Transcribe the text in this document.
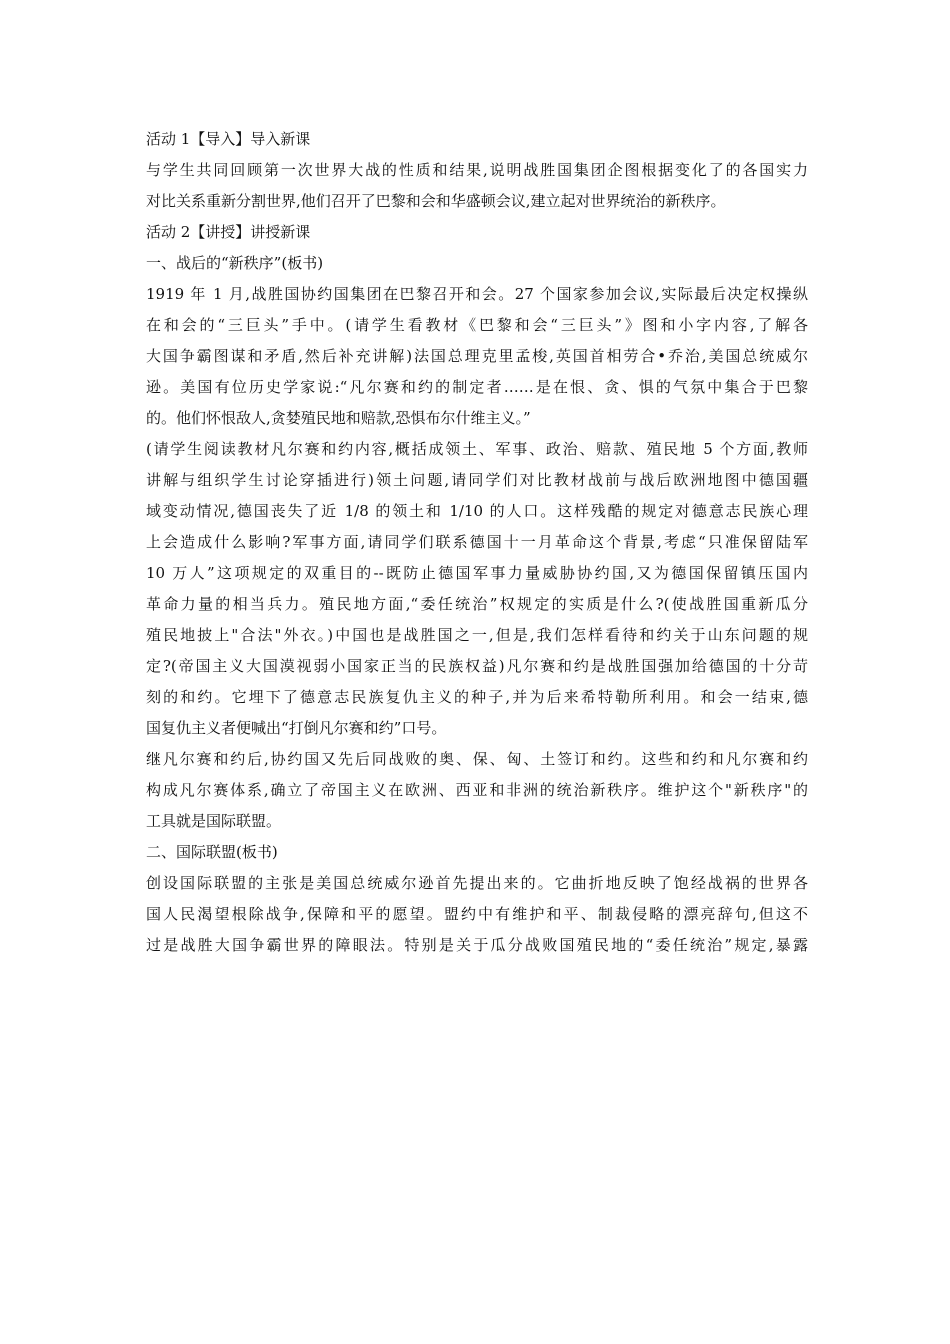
活动 1【导入】导入新课
与学生共同回顾第一次世界大战的性质和结果,说明战胜国集团企图根据变化了的各国实力
对比关系重新分割世界,他们召开了巴黎和会和华盛顿会议,建立起对世界统治的新秩序。
活动 2【讲授】讲授新课
一、战后的“新秩序”(板书)
1919 年 1 月,战胜国协约国集团在巴黎召开和会。27 个国家参加会议,实际最后决定权操纵
在和会的“三巨头”手中。(请学生看教材《巴黎和会“三巨头”》图和小字内容,了解各
大国争霸图谋和矛盾,然后补充讲解)法国总理克里孟梭,英国首相劳合•乔治,美国总统威尔
逊。美国有位历史学家说:“凡尔赛和约的制定者……是在恨、贪、惧的气氛中集合于巴黎
的。他们怀恨敌人,贪婪殖民地和赔款,恐惧布尔什维主义。”
(请学生阅读教材凡尔赛和约内容,概括成领土、军事、政治、赔款、殖民地 5 个方面,教师
讲解与组织学生讨论穿插进行)领土问题,请同学们对比教材战前与战后欧洲地图中德国疆
域变动情况,德国丧失了近 1/8 的领土和 1/10 的人口。这样残酷的规定对德意志民族心理
上会造成什么影响?军事方面,请同学们联系德国十一月革命这个背景,考虑“只准保留陆军
10 万人”这项规定的双重目的--既防止德国军事力量威胁协约国,又为德国保留镇压国内
革命力量的相当兵力。殖民地方面,“委任统治”权规定的实质是什么?(使战胜国重新瓜分
殖民地披上"合法"外衣。)中国也是战胜国之一,但是,我们怎样看待和约关于山东问题的规
定?(帝国主义大国漠视弱小国家正当的民族权益)凡尔赛和约是战胜国强加给德国的十分苛
刻的和约。它埋下了德意志民族复仇主义的种子,并为后来希特勒所利用。和会一结束,德
国复仇主义者便喊出“打倒凡尔赛和约”口号。
继凡尔赛和约后,协约国又先后同战败的奥、保、匈、土签订和约。这些和约和凡尔赛和约
构成凡尔赛体系,确立了帝国主义在欧洲、西亚和非洲的统治新秩序。维护这个"新秩序"的
工具就是国际联盟。
二、国际联盟(板书)
创设国际联盟的主张是美国总统威尔逊首先提出来的。它曲折地反映了饱经战祸的世界各
国人民渴望根除战争,保障和平的愿望。盟约中有维护和平、制裁侵略的漂亮辞句,但这不
过是战胜大国争霸世界的障眼法。特别是关于瓜分战败国殖民地的“委任统治”规定,暴露
